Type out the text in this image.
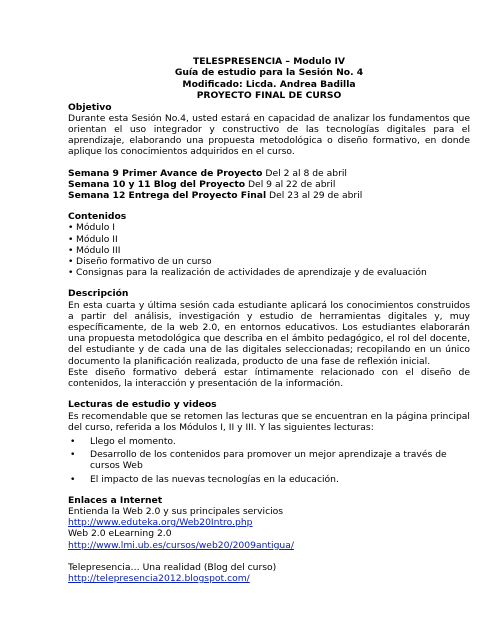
TELESPRESENCIA – Modulo IV
Guía de estudio para la Sesión No. 4
Modificado: Licda. Andrea Badilla
PROYECTO FINAL DE CURSO
Objetivo
Durante esta Sesión No.4, usted estará en capacidad de analizar los fundamentos que orientan el uso integrador y constructivo de las tecnologías digitales para el aprendizaje, elaborando una propuesta metodológica o diseño formativo, en donde aplique los conocimientos adquiridos en el curso.
Semana 9 Primer Avance de Proyecto Del 2 al 8 de abril
Semana 10 y 11 Blog del Proyecto Del 9 al 22 de abril
Semana 12 Entrega del Proyecto Final Del 23 al 29 de abril
Contenidos
• Módulo I
• Módulo II
• Módulo III
• Diseño formativo de un curso
• Consignas para la realización de actividades de aprendizaje y de evaluación
Descripción
En esta cuarta y última sesión cada estudiante aplicará los conocimientos construidos a partir del análisis, investigación y estudio de herramientas digitales y, muy específicamente, de la web 2.0, en entornos educativos. Los estudiantes elaborarán una propuesta metodológica que describa en el ámbito pedagógico, el rol del docente, del estudiante y de cada una de las digitales seleccionadas; recopilando en un único documento la planificación realizada, producto de una fase de reflexión inicial.
Este diseño formativo deberá estar íntimamente relacionado con el diseño de contenidos, la interacción y presentación de la información.
Lecturas de estudio y videos
Es recomendable que se retomen las lecturas que se encuentran en la página principal del curso, referida a los Módulos I, II y III. Y las siguientes lecturas:
• Llego el momento.
• Desarrollo de los contenidos para promover un mejor aprendizaje a través de cursos Web
• El impacto de las nuevas tecnologías en la educación.
Enlaces a Internet
Entienda la Web 2.0 y sus principales servicios
http://www.eduteka.org/Web20Intro.php
Web 2.0 eLearning 2.0
http://www.lmi.ub.es/cursos/web20/2009antigua/
Telepresencia… Una realidad (Blog del curso)
http://telepresencia2012.blogspot.com/
